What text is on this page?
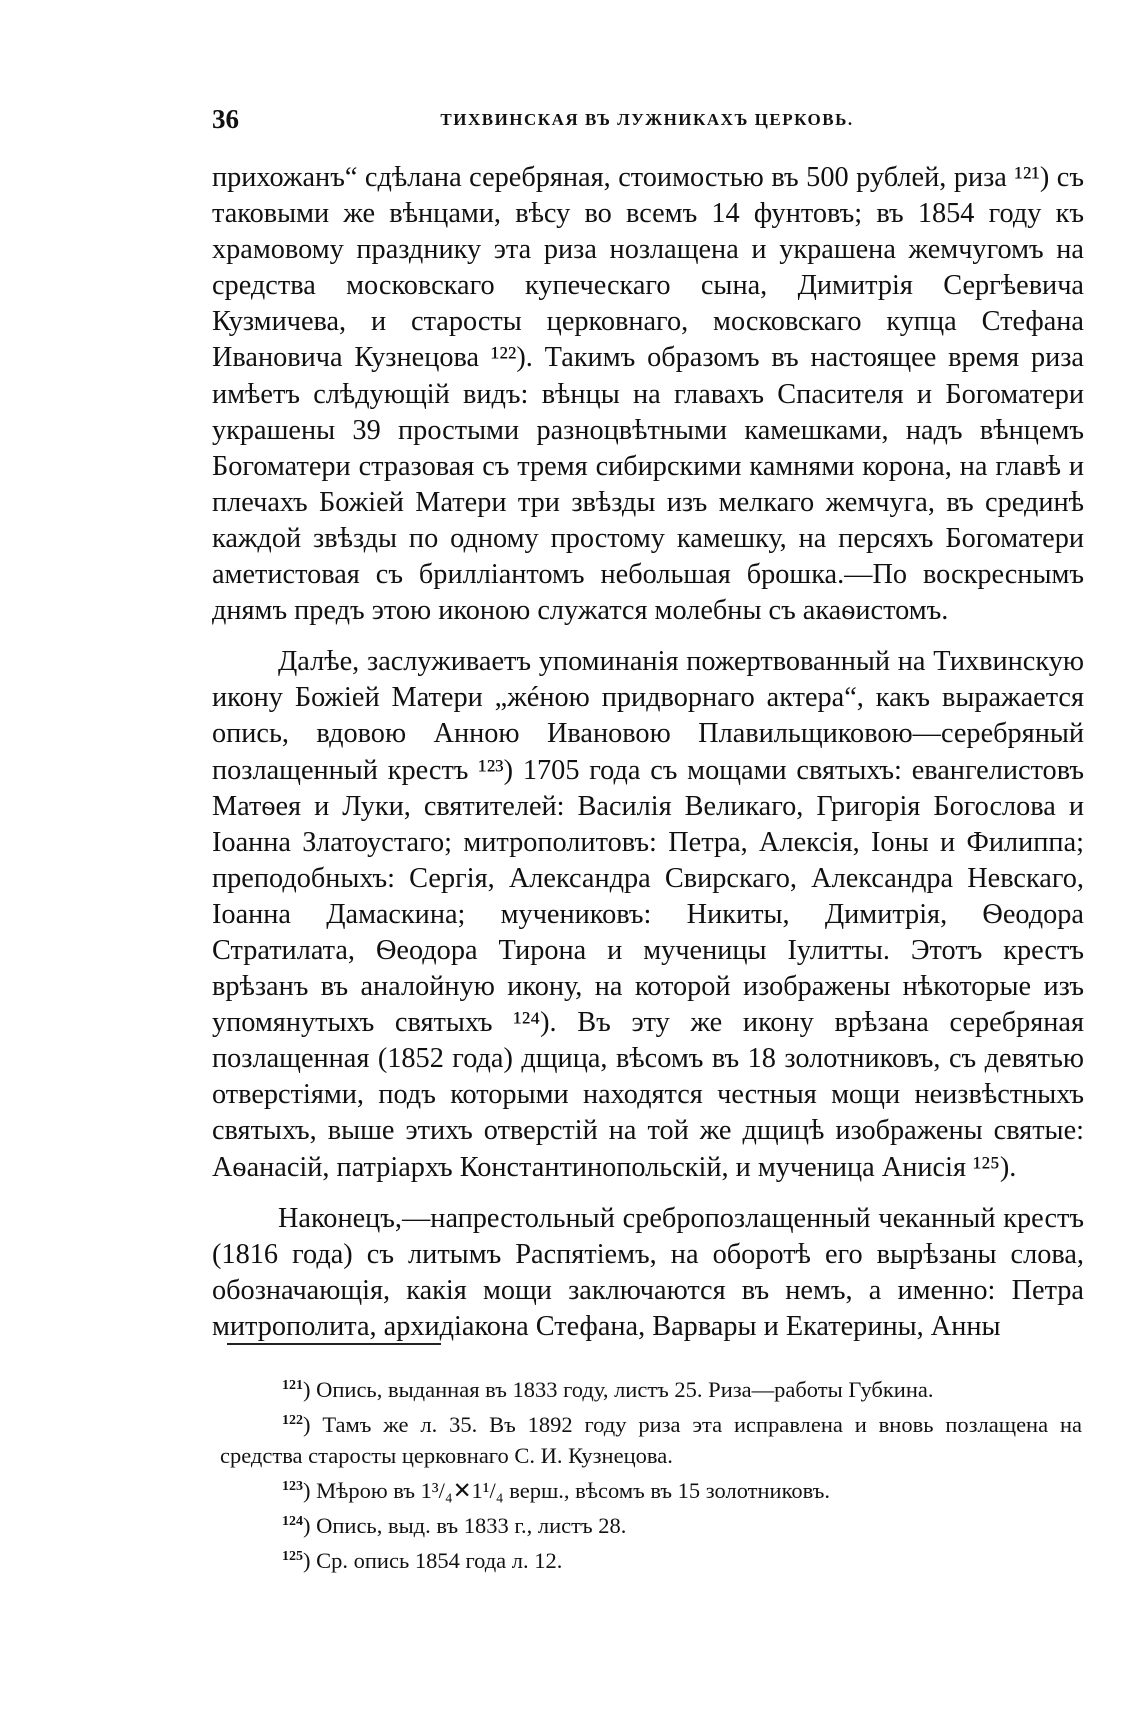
36	ТИХВИНСКАЯ ВЪ ЛУЖНИКАХЪ ЦЕРКОВЬ.

прихожанъ“ сдѣлана серебряная, стоимостью въ 500 рублей, риза ¹²¹) съ таковыми же вѣнцами, вѣсу во всемъ 14 фунтовъ; въ 1854 году къ храмовому празднику эта риза нозлащена и украшена жемчугомъ на средства московскаго купеческаго сына, Димитрія Сергѣевича Кузмичева, и старосты церковнаго, московскаго купца Стефана Ивановича Кузнецова ¹²²). Такимъ образомъ въ настоящее время риза имѣетъ слѣдующій видъ: вѣнцы на главахъ Спасителя и Богоматери украшены 39 простыми разноцвѣтными камешками, надъ вѣнцемъ Богоматери стразовая съ тремя сибирскими камнями корона, на главѣ и плечахъ Божіей Матери три звѣзды изъ мелкаго жемчуга, въ срединѣ каждой звѣзды по одному простому камешку, на персяхъ Богоматери аметистовая съ брилліантомъ небольшая брошка.—По воскреснымъ днямъ предъ этою иконою служатся молебны съ акаѳистомъ.

Далѣе, заслуживаетъ упоминанія пожертвованный на Тихвинскую икону Божіей Матери „жéною придворнаго актера“, какъ выражается опись, вдовою Анною Ивановою Плавильщиковою—серебряный позлащенный крестъ ¹²³) 1705 года съ мощами святыхъ: евангелистовъ Матѳея и Луки, святителей: Василія Великаго, Григорія Богослова и Іоанна Златоустаго; митрополитовъ: Петра, Алексія, Іоны и Филиппа; преподобныхъ: Сергія, Александра Свирскаго, Александра Невскаго, Іоанна Дамаскина; мучениковъ: Никиты, Димитрія, Ѳеодора Стратилата, Ѳеодора Тирона и мученицы Іулитты. Этотъ крестъ врѣзанъ въ аналойную икону, на которой изображены нѣкоторые изъ упомянутыхъ святыхъ ¹²⁴). Въ эту же икону врѣзана серебряная позлащенная (1852 года) дщица, вѣсомъ въ 18 золотниковъ, съ девятью отверстіями, подъ которыми находятся честныя мощи неизвѣстныхъ святыхъ, выше этихъ отверстій на той же дщицѣ изображены святые: Аѳанасій, патріархъ Константинопольскій, и мученица Анисія ¹²⁵).

Наконецъ,—напрестольный сребропозлащенный чеканный крестъ (1816 года) съ литымъ Распятіемъ, на оборотѣ его вырѣзаны слова, обозначающія, какія мощи заключаются въ немъ, а именно: Петра митрополита, архидіакона Стефана, Варвары и Екатерины, Анны

$^{121}$) Опись, выданная въ 1833 году, листъ 25. Риза—работы Губкина.

$^{122}$) Тамъ же л. 35. Въ 1892 году риза эта исправлена и вновь позлащена на средства старосты церковнаго С. И. Кузнецова.

$^{123}$) Мѣрою въ 1³/₄✕1¹/₄ верш., вѣсомъ въ 15 золотниковъ.

$^{124}$) Опись, выд. въ 1833 г., листъ 28.

$^{125}$) Ср. опись 1854 года л. 12.
